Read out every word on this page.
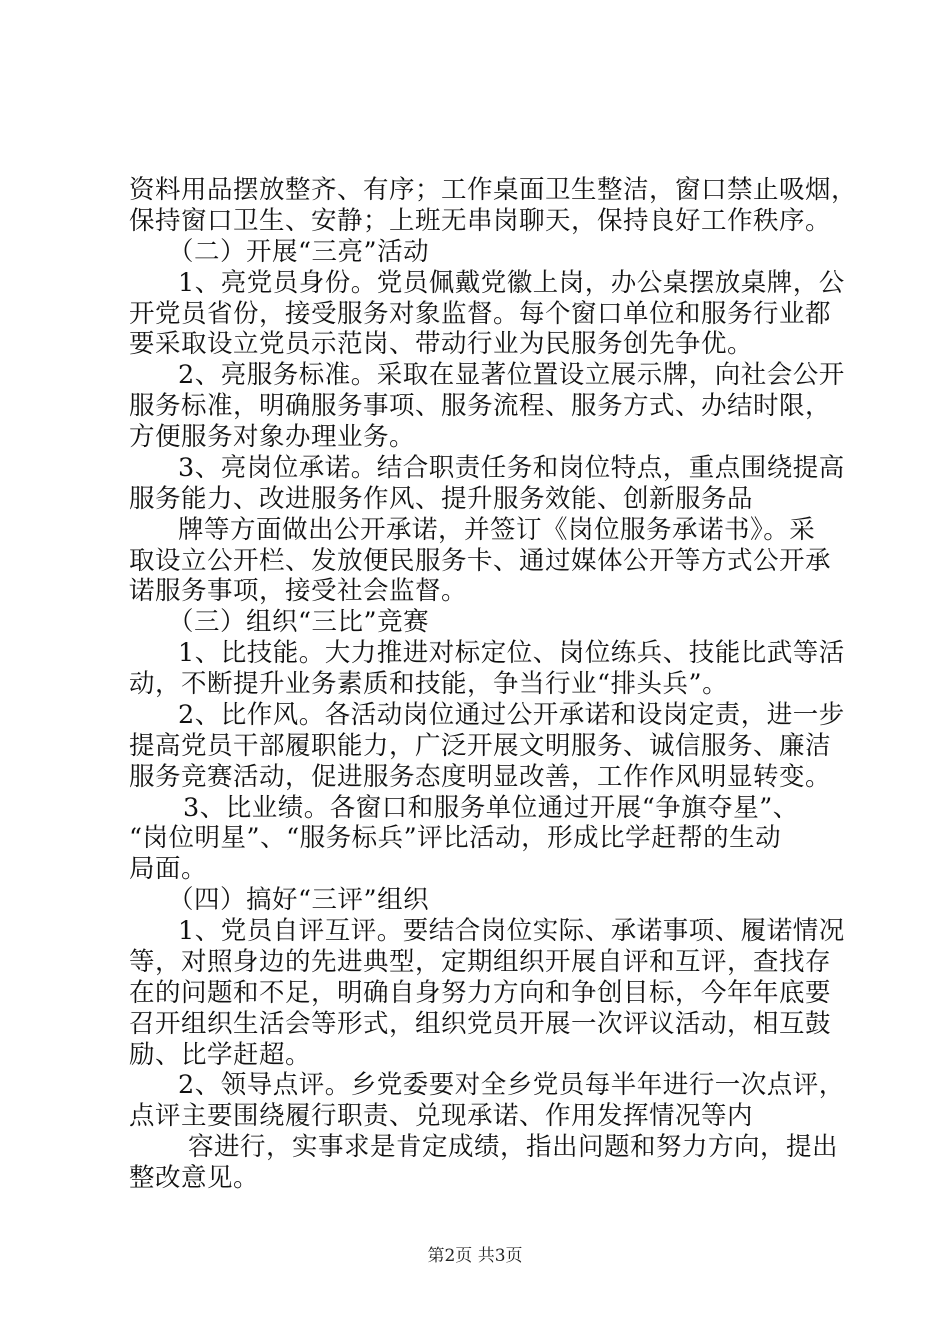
资料用品摆放整齐、有序；工作桌面卫生整洁，窗口禁止吸烟，
保持窗口卫生、安静；上班无串岗聊天，保持良好工作秩序。
（二）开展“三亮”活动
1、亮党员身份。党员佩戴党徽上岗，办公桌摆放桌牌，公
开党员省份，接受服务对象监督。每个窗口单位和服务行业都
要采取设立党员示范岗、带动行业为民服务创先争优。
2、亮服务标准。采取在显著位置设立展示牌，向社会公开
服务标准，明确服务事项、服务流程、服务方式、办结时限，
方便服务对象办理业务。
3、亮岗位承诺。结合职责任务和岗位特点，重点围绕提高
服务能力、改进服务作风、提升服务效能、创新服务品
牌等方面做出公开承诺，并签订《岗位服务承诺书》。采
取设立公开栏、发放便民服务卡、通过媒体公开等方式公开承
诺服务事项，接受社会监督。
（三）组织“三比”竞赛
1、比技能。大力推进对标定位、岗位练兵、技能比武等活
动，不断提升业务素质和技能，争当行业“排头兵”。
2、比作风。各活动岗位通过公开承诺和设岗定责，进一步
提高党员干部履职能力，广泛开展文明服务、诚信服务、廉洁
服务竞赛活动，促进服务态度明显改善，工作作风明显转变。
3、比业绩。各窗口和服务单位通过开展“争旗夺星”、
“岗位明星”、“服务标兵”评比活动，形成比学赶帮的生动
局面。
（四）搞好“三评”组织
1、党员自评互评。要结合岗位实际、承诺事项、履诺情况
等，对照身边的先进典型，定期组织开展自评和互评，查找存
在的问题和不足，明确自身努力方向和争创目标，今年年底要
召开组织生活会等形式，组织党员开展一次评议活动，相互鼓
励、比学赶超。
2、领导点评。乡党委要对全乡党员每半年进行一次点评，
点评主要围绕履行职责、兑现承诺、作用发挥情况等内
容进行，实事求是肯定成绩，指出问题和努力方向，提出
整改意见。
第2页 共3页
